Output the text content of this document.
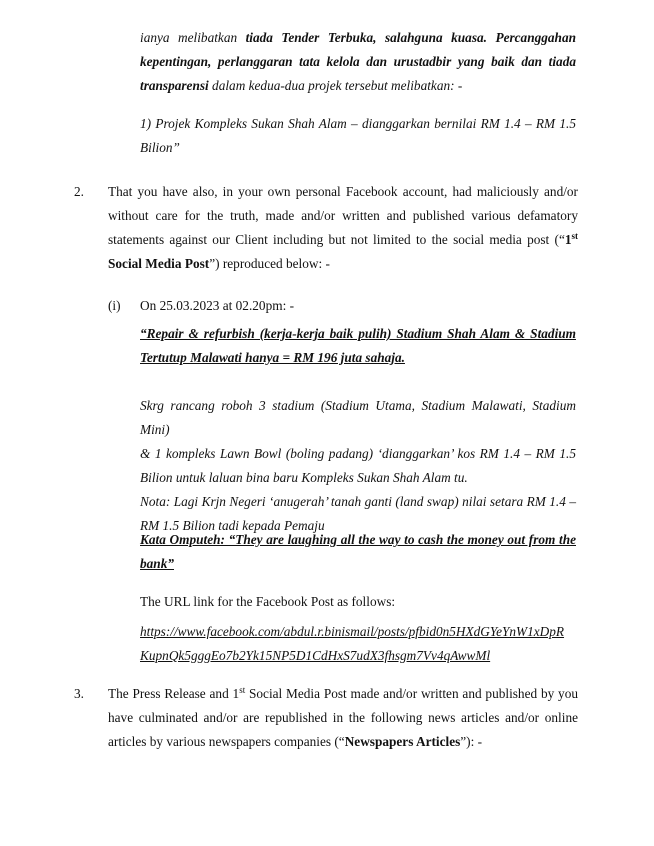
ianya melibatkan tiada Tender Terbuka, salahguna kuasa. Percanggahan
kepentingan, perlanggaran tata kelola dan urustadbir yang baik dan tiada
transparensi dalam kedua-dua projek tersebut melibatkan: -
1) Projek Kompleks Sukan Shah Alam – dianggarkan bernilai RM 1.4 – RM 1.5
Bilion”
2.	That you have also, in your own personal Facebook account, had maliciously and/or
without care for the truth, made and/or written and published various defamatory
statements against our Client including but not limited to the social media post (“1st
Social Media Post”) reproduced below: -
(i) On 25.03.2023 at 02.20pm: -
“Repair & refurbish (kerja-kerja baik pulih) Stadium Shah Alam & Stadium
Tertutup Malawati hanya = RM 196 juta sahaja.
Skrg rancang roboh 3 stadium (Stadium Utama, Stadium Malawati, Stadium Mini)
& 1 kompleks Lawn Bowl (boling padang) ‘dianggarkan’ kos RM 1.4 – RM 1.5
Bilion untuk laluan bina baru Kompleks Sukan Shah Alam tu.
Nota: Lagi Krjn Negeri ‘anugerah’ tanah ganti (land swap) nilai setara RM 1.4 –
RM 1.5 Bilion tadi kepada Pemaju
Kata Omputeh: “They are laughing all the way to cash the money out from the
bank”
The URL link for the Facebook Post as follows:
https://www.facebook.com/abdul.r.binismail/posts/pfbid0n5HXdGYeYnW1xDpR
KupnQk5gggEo7b2Yk15NP5D1CdHxS7udX3fhsgm7Vv4qAwwMl
3.	The Press Release and 1st Social Media Post made and/or written and published by you
have culminated and/or are republished in the following news articles and/or online
articles by various newspapers companies (“Newspapers Articles”): -
